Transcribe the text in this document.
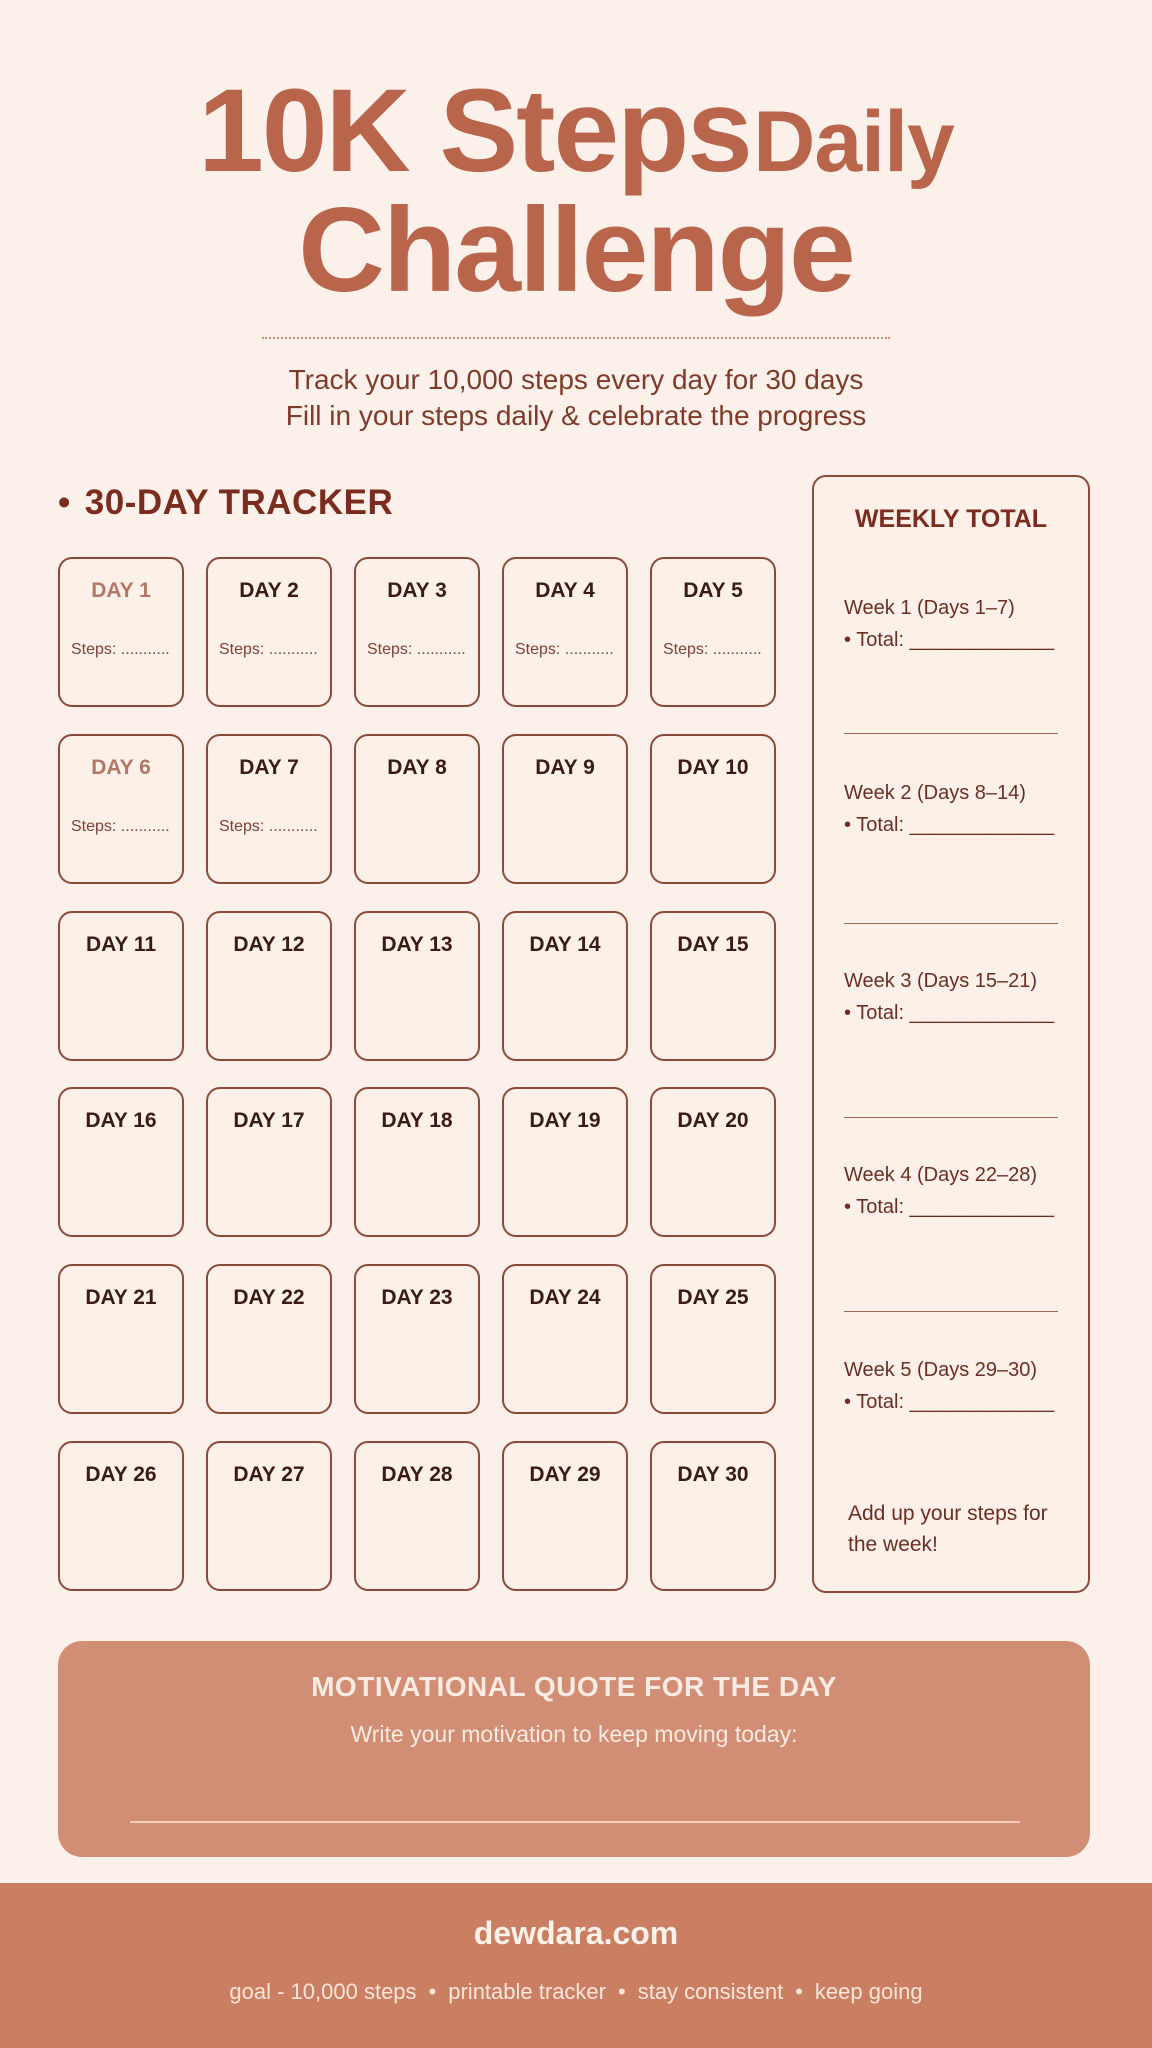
10K Steps Daily
Challenge
Track your 10,000 steps every day for 30 days
Fill in your steps daily & celebrate the progress
• 30-DAY TRACKER
DAY 1
Steps: ...........
DAY 2
Steps: ...........
DAY 3
Steps: ...........
DAY 4
Steps: ...........
DAY 5
Steps: ...........
DAY 6
Steps: ...........
DAY 7
Steps: ...........
DAY 8	DAY 9	DAY 10
DAY 11	DAY 12	DAY 13	DAY 14	DAY 15
DAY 16	DAY 17	DAY 18	DAY 19	DAY 20
DAY 21	DAY 22	DAY 23	DAY 24	DAY 25
DAY 26	DAY 27	DAY 28	DAY 29	DAY 30
WEEKLY TOTAL
Add up your steps for the week!
Week 1 (Days 1–7)
• Total: _____________
Week 2 (Days 8–14)
• Total: _____________
Week 3 (Days 15–21)
• Total: _____________
Week 4 (Days 22–28)
• Total: _____________
Week 5 (Days 29–30)
• Total: _____________
MOTIVATIONAL QUOTE FOR THE DAY
Write your motivation to keep moving today:
dewdara.com
goal - 10,000 steps • printable tracker • stay consistent • keep going
